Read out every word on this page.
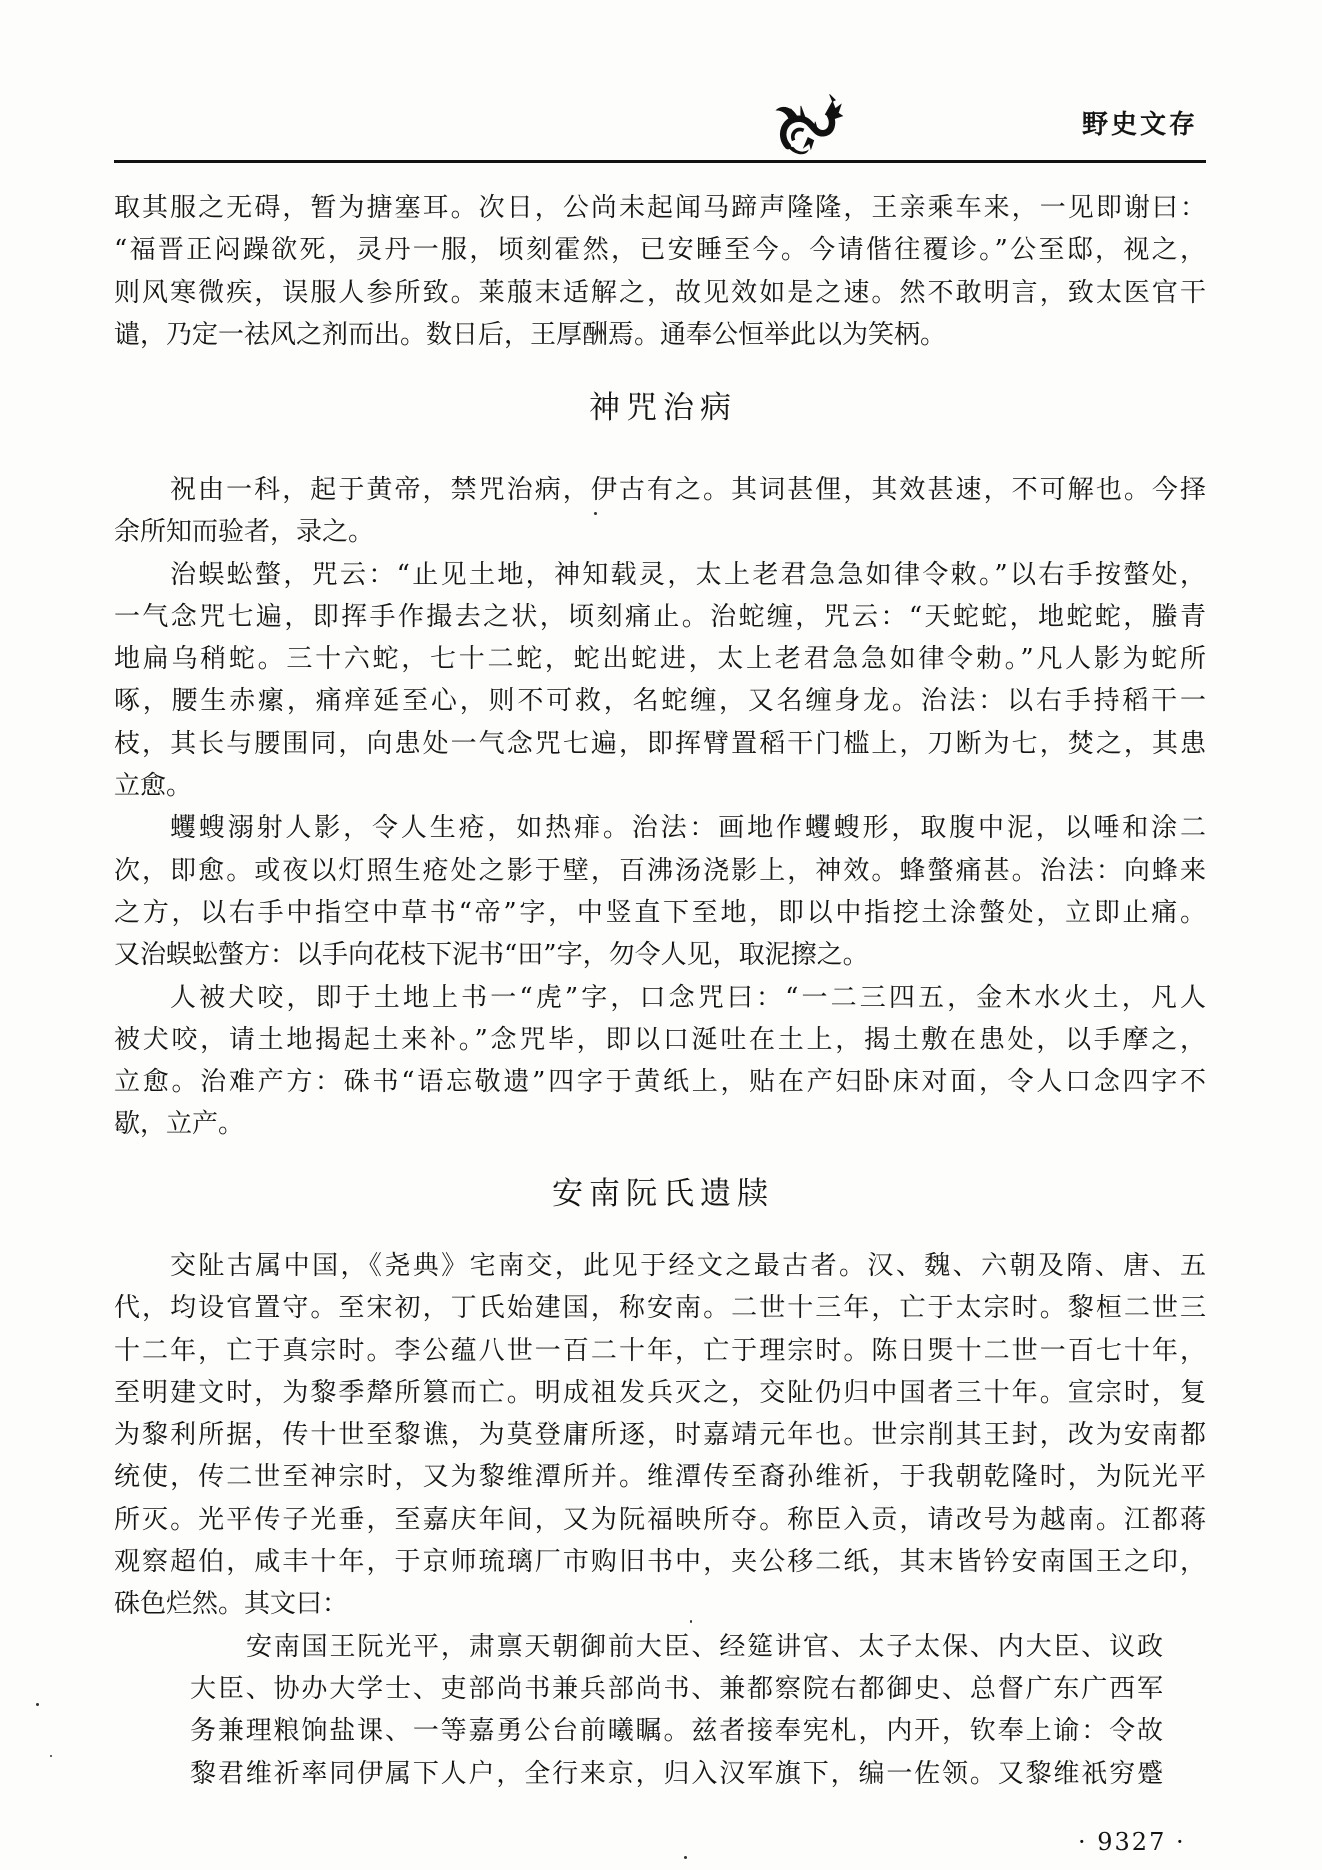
野史文存
取其服之无碍，暂为搪塞耳。次日，公尚未起闻马蹄声隆隆，王亲乘车来，一见即谢曰：
“福晋正闷躁欲死，灵丹一服，顷刻霍然，已安睡至今。今请偕往覆诊。”公至邸，视之，
则风寒微疾，误服人参所致。莱菔末适解之，故见效如是之速。然不敢明言，致太医官干
谴，乃定一祛风之剂而出。数日后，王厚酬焉。通奉公恒举此以为笑柄。
神咒治病
祝由一科，起于黄帝，禁咒治病，伊古有之。其词甚俚，其效甚速，不可解也。今择
余所知而验者，录之。
治蜈蚣螫，咒云：“止见土地，神知载灵，太上老君急急如律令敕。”以右手按螫处，
一气念咒七遍，即挥手作撮去之状，顷刻痛止。治蛇缠，咒云：“天蛇蛇，地蛇蛇，螣青
地扁乌稍蛇。三十六蛇，七十二蛇，蛇出蛇进，太上老君急急如律令勅。”凡人影为蛇所
啄，腰生赤瘰，痛痒延至心，则不可救，名蛇缠，又名缠身龙。治法：以右手持稻干一
枝，其长与腰围同，向患处一气念咒七遍，即挥臂置稻干门槛上，刀断为七，焚之，其患
立愈。
蠼螋溺射人影，令人生疮，如热痱。治法：画地作蠼螋形，取腹中泥，以唾和涂二
次，即愈。或夜以灯照生疮处之影于壁，百沸汤浇影上，神效。蜂螫痛甚。治法：向蜂来
之方，以右手中指空中草书“帝”字，中竖直下至地，即以中指挖土涂螫处，立即止痛。
又治蜈蚣螫方：以手向花枝下泥书“田”字，勿令人见，取泥擦之。
人被犬咬，即于土地上书一“虎”字，口念咒曰：“一二三四五，金木水火土，凡人
被犬咬，请土地揭起土来补。”念咒毕，即以口涎吐在土上，揭土敷在患处，以手摩之，
立愈。治难产方：硃书“语忘敬遗”四字于黄纸上，贴在产妇卧床对面，令人口念四字不
歇，立产。
安南阮氏遗牍
交阯古属中国，《尧典》宅南交，此见于经文之最古者。汉、魏、六朝及隋、唐、五
代，均设官置守。至宋初，丁氏始建国，称安南。二世十三年，亡于太宗时。黎桓二世三
十二年，亡于真宗时。李公蕴八世一百二十年，亡于理宗时。陈日煚十二世一百七十年，
至明建文时，为黎季犛所篡而亡。明成祖发兵灭之，交阯仍归中国者三十年。宣宗时，复
为黎利所据，传十世至黎谯，为莫登庸所逐，时嘉靖元年也。世宗削其王封，改为安南都
统使，传二世至神宗时，又为黎维潭所并。维潭传至裔孙维祈，于我朝乾隆时，为阮光平
所灭。光平传子光垂，至嘉庆年间，又为阮福映所夺。称臣入贡，请改号为越南。江都蒋
观察超伯，咸丰十年，于京师琉璃厂市购旧书中，夹公移二纸，其末皆钤安南国王之印，
硃色烂然。其文曰：
安南国王阮光平，肃禀天朝御前大臣、经筵讲官、太子太保、内大臣、议政
大臣、协办大学士、吏部尚书兼兵部尚书、兼都察院右都御史、总督广东广西军
务兼理粮饷盐课、一等嘉勇公台前曦瞩。兹者接奉宪札，内开，钦奉上谕：令故
黎君维祈率同伊属下人户，全行来京，归入汉军旗下，编一佐领。又黎维祇穷蹙
· 9327 ·
